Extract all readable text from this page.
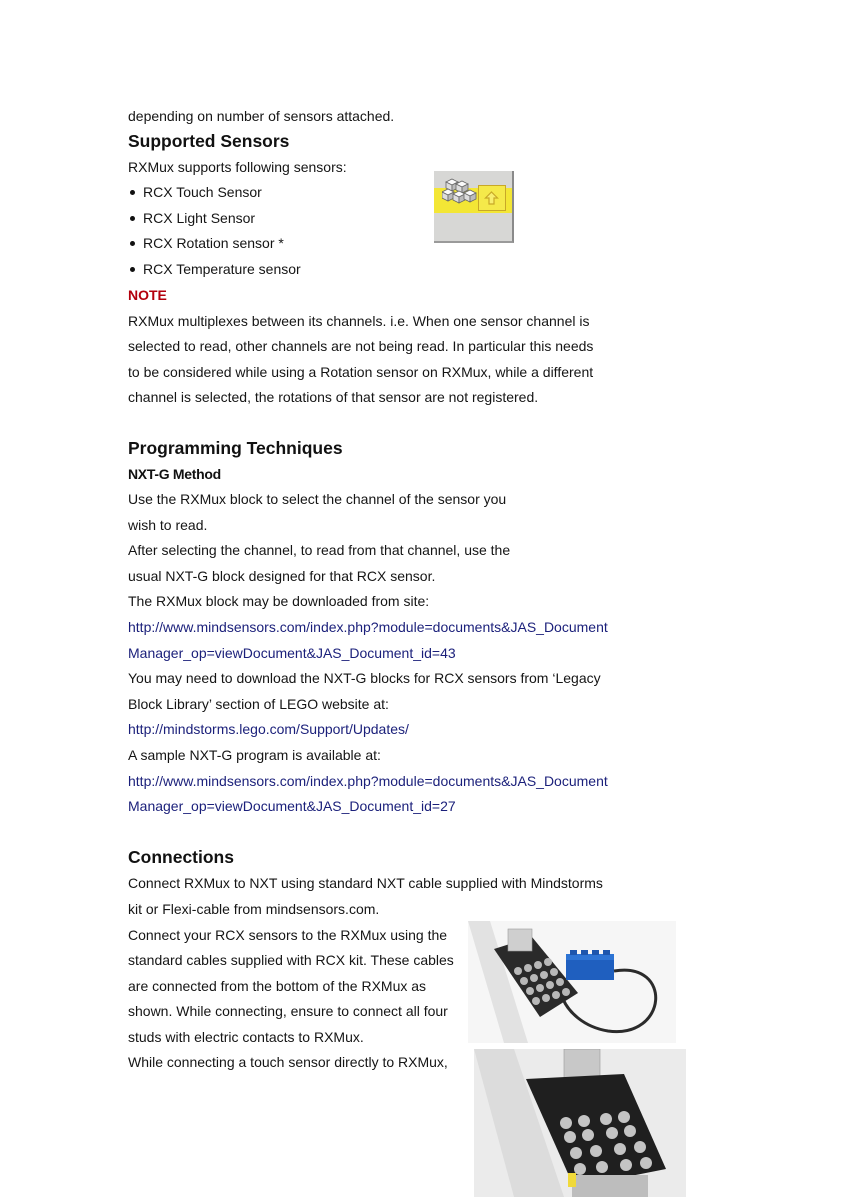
depending on number of sensors attached.
Supported Sensors
RXMux supports following sensors:
RCX Touch Sensor
RCX Light Sensor
RCX Rotation sensor *
RCX Temperature sensor
NOTE
RXMux multiplexes between its channels. i.e. When one sensor channel is
selected to read, other channels are not being read. In particular this needs
to be considered while using a Rotation sensor on RXMux, while a different
channel is selected, the rotations of that sensor are not registered.
Programming Techniques
NXT-G Method
Use the RXMux block to select the channel of the sensor you
wish to read.
After selecting the channel, to read from that channel, use the
usual NXT-G block designed for that RCX sensor.
The RXMux block may be downloaded from site:
http://www.mindsensors.com/index.php?module=documents&JAS_Document
Manager_op=viewDocument&JAS_Document_id=43
You may need to download the NXT-G blocks for RCX sensors from ‘Legacy
Block Library’ section of LEGO website at:
http://mindstorms.lego.com/Support/Updates/
A sample NXT-G program is available at:
http://www.mindsensors.com/index.php?module=documents&JAS_Document
Manager_op=viewDocument&JAS_Document_id=27
Connections
Connect RXMux to NXT using standard NXT cable supplied with Mindstorms
kit or Flexi-cable from mindsensors.com.
Connect your RCX sensors to the RXMux using the
standard cables supplied with RCX kit. These cables
are connected from the bottom of the RXMux as
shown. While connecting, ensure to connect all four
studs with electric contacts to RXMux.
While connecting a touch sensor directly to RXMux,
